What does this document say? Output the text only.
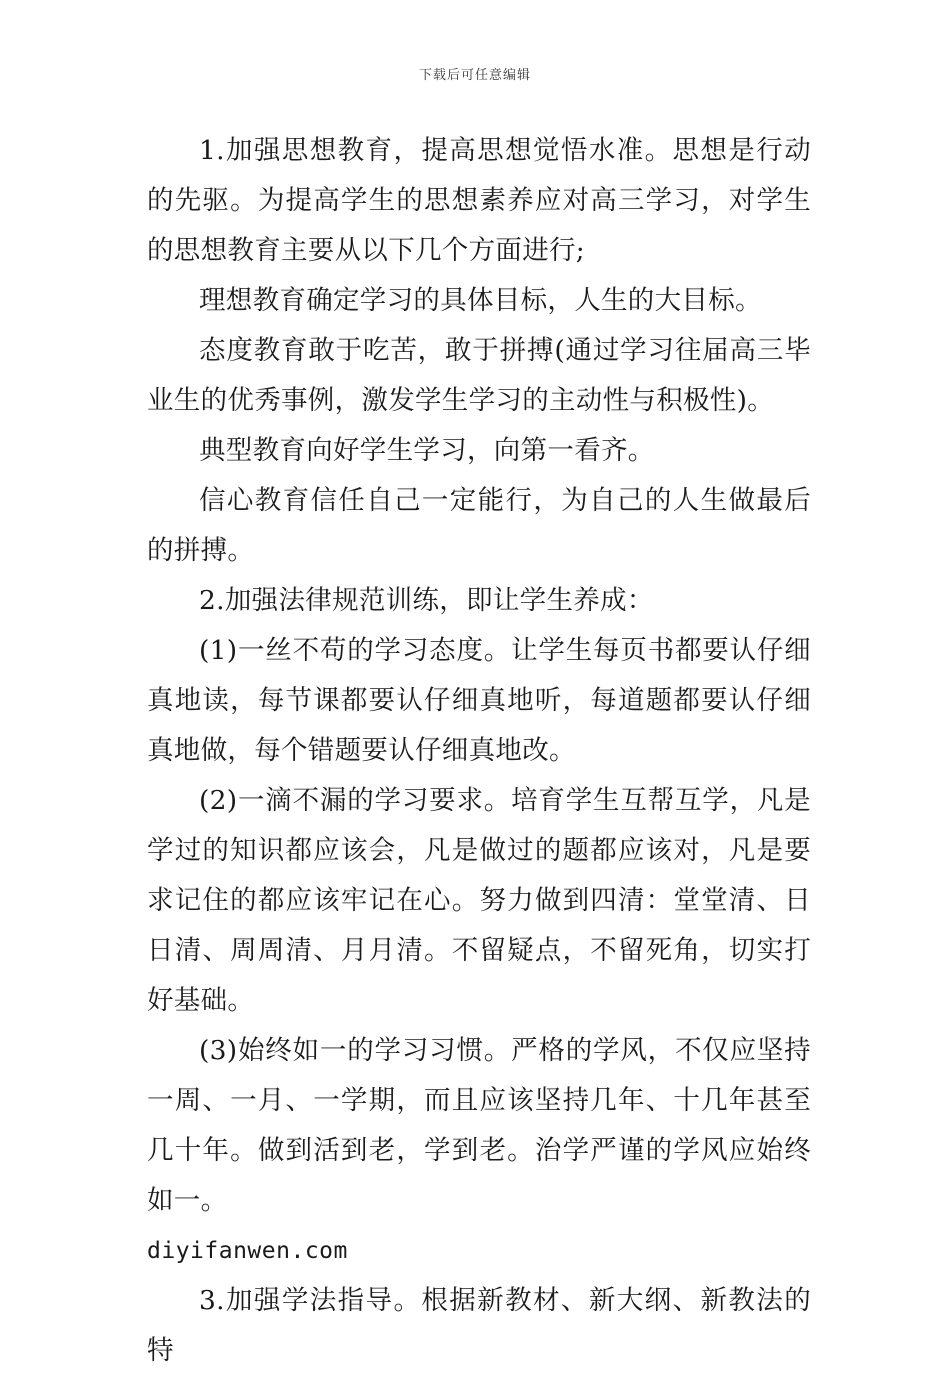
下载后可任意编辑

1.加强思想教育，提高思想觉悟水准。思想是行动的先驱。为提高学生的思想素养应对高三学习，对学生的思想教育主要从以下几个方面进行;

理想教育确定学习的具体目标，人生的大目标。

态度教育敢于吃苦，敢于拼搏(通过学习往届高三毕业生的优秀事例，激发学生学习的主动性与积极性)。

典型教育向好学生学习，向第一看齐。

信心教育信任自己一定能行，为自己的人生做最后的拼搏。

2.加强法律规范训练，即让学生养成：

(1)一丝不苟的学习态度。让学生每页书都要认仔细真地读，每节课都要认仔细真地听，每道题都要认仔细真地做，每个错题要认仔细真地改。

(2)一滴不漏的学习要求。培育学生互帮互学，凡是学过的知识都应该会，凡是做过的题都应该对，凡是要求记住的都应该牢记在心。努力做到四清：堂堂清、日日清、周周清、月月清。不留疑点，不留死角，切实打好基础。

(3)始终如一的学习习惯。严格的学风，不仅应坚持一周、一月、一学期，而且应该坚持几年、十几年甚至几十年。做到活到老，学到老。治学严谨的学风应始终如一。

diyifanwen.com

3.加强学法指导。根据新教材、新大纲、新教法的特
